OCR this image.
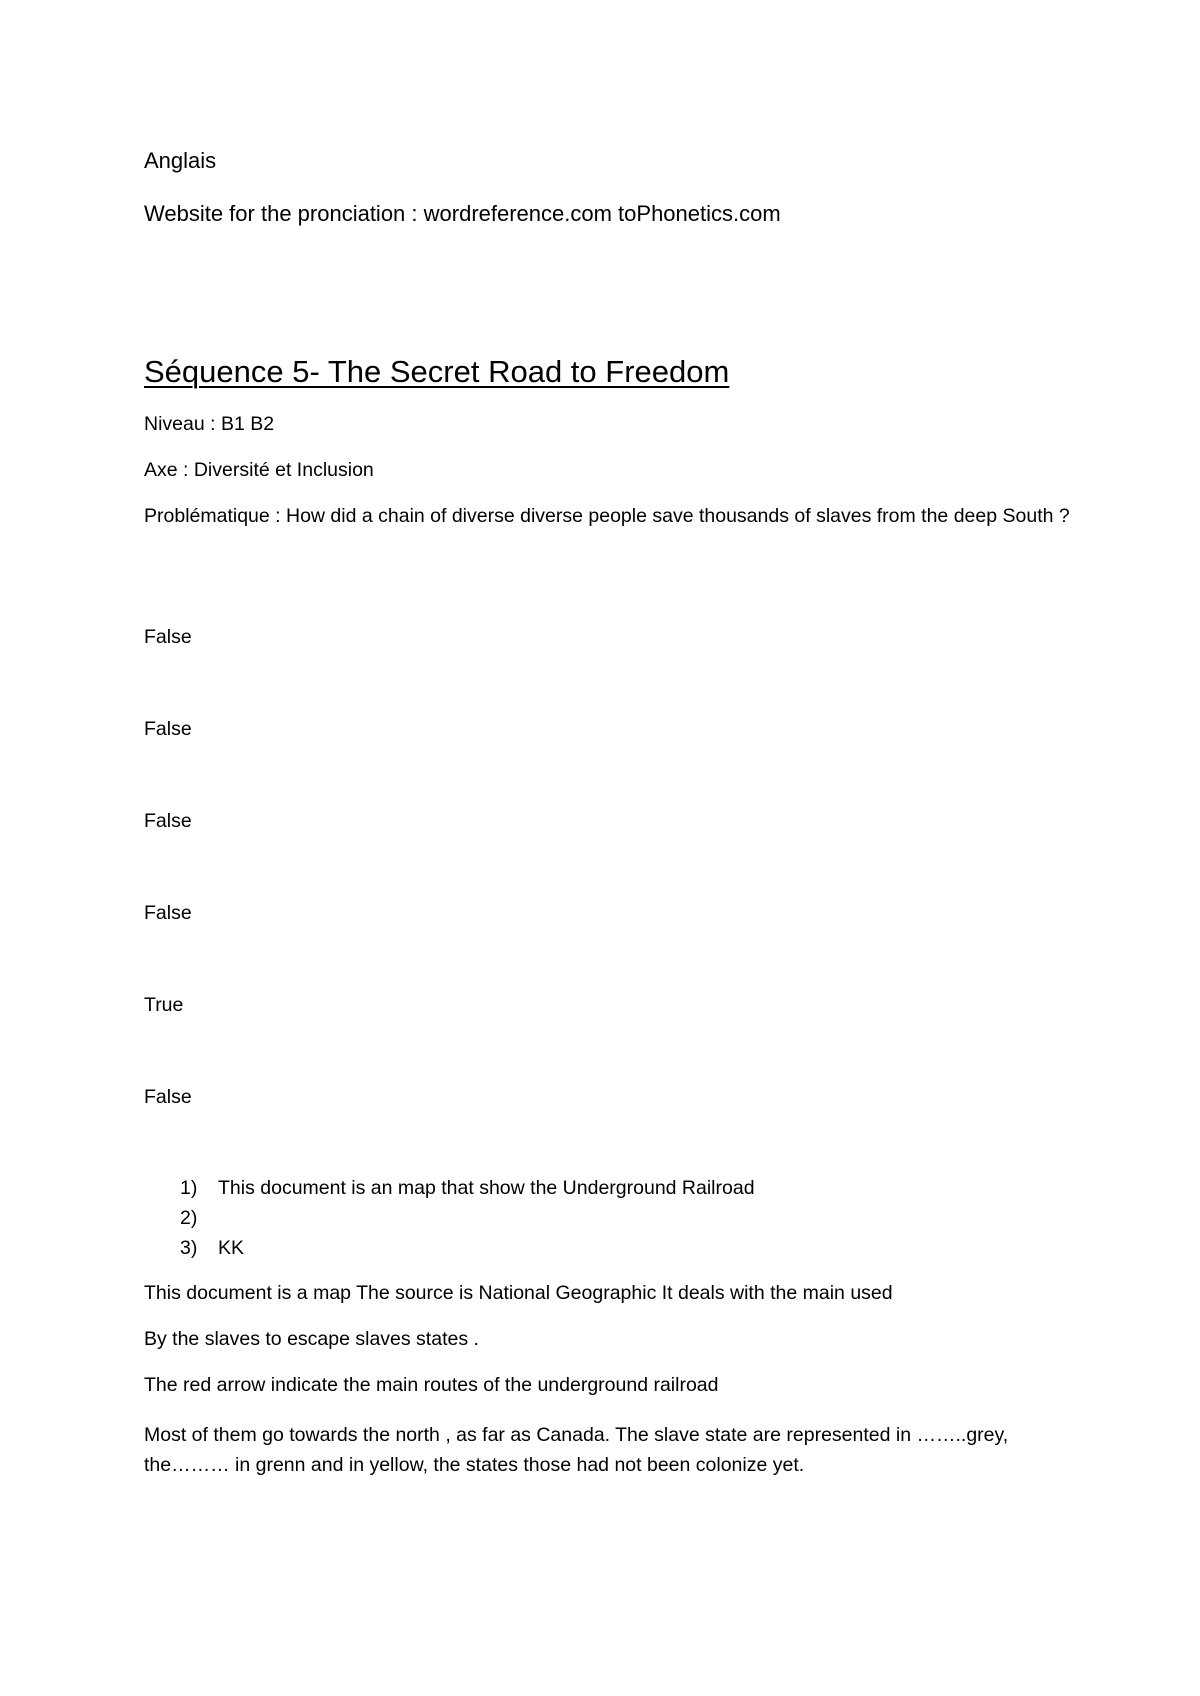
Anglais

Website for the pronciation : wordreference.com toPhonetics.com

Séquence 5- The Secret Road to Freedom

Niveau : B1 B2

Axe : Diversité et Inclusion

Problématique : How did a chain of diverse diverse people save thousands of slaves from the deep South ?

False

False

False

False

True

False

1) This document is an map that show the Underground Railroad
2)
3) KK

This document is a map The source is National Geographic It deals with the main used

By the slaves to escape slaves states .

The red arrow indicate the main routes of the underground railroad

Most of them go towards the north , as far as Canada. The slave state are represented in ……..grey, the……… in grenn and in yellow, the states those had not been colonize yet.
